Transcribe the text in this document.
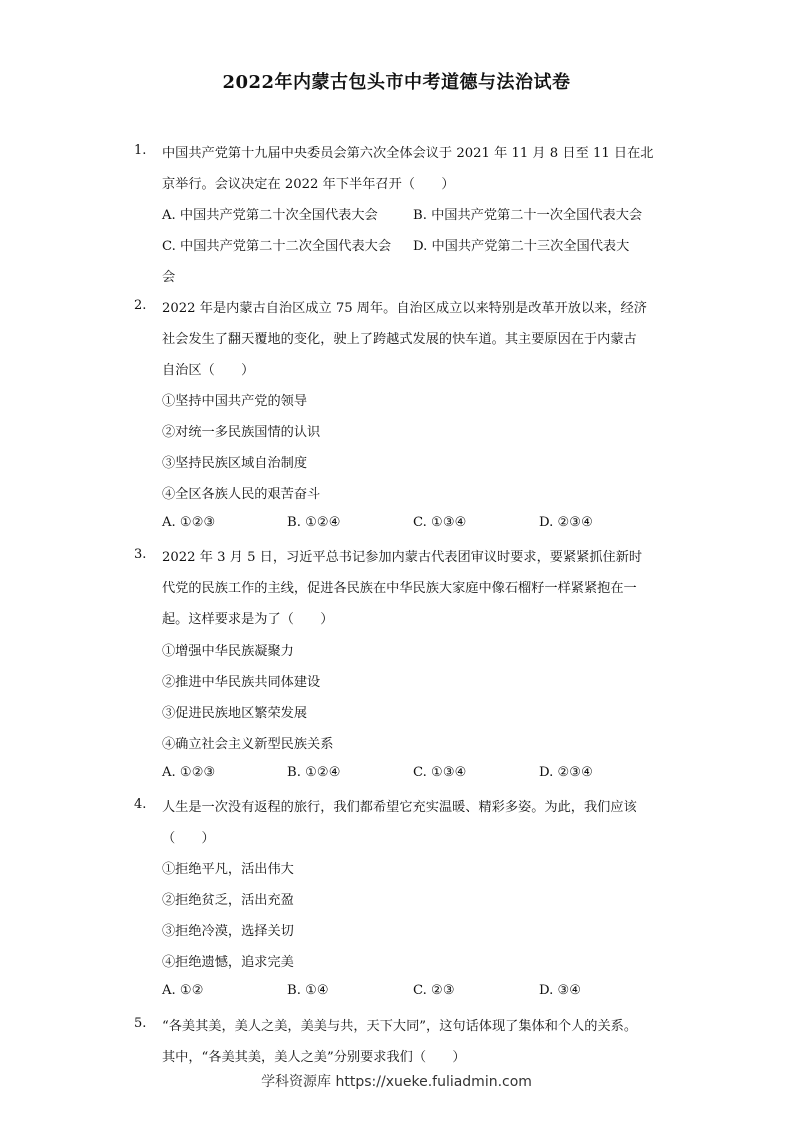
2022年内蒙古包头市中考道德与法治试卷
1. 中国共产党第十九届中央委员会第六次全体会议于 2021 年 11 月 8 日至 11 日在北
京举行。会议决定在 2022 年下半年召开（　　）
A. 中国共产党第二十次全国代表大会	B. 中国共产党第二十一次全国代表大会
C. 中国共产党第二十二次全国代表大会 D. 中国共产党第二十三次全国代表大
会
2. 2022 年是内蒙古自治区成立 75 周年。自治区成立以来特别是改革开放以来，经济
社会发生了翻天覆地的变化，驶上了跨越式发展的快车道。其主要原因在于内蒙古
自治区（　　）
①坚持中国共产党的领导
②对统一多民族国情的认识
③坚持民族区域自治制度
④全区各族人民的艰苦奋斗
A. ①②③	B. ①②④	C. ①③④	D. ②③④
3. 2022 年 3 月 5 日，习近平总书记参加内蒙古代表团审议时要求，要紧紧抓住新时
代党的民族工作的主线，促进各民族在中华民族大家庭中像石榴籽一样紧紧抱在一
起。这样要求是为了（　　）
①增强中华民族凝聚力
②推进中华民族共同体建设
③促进民族地区繁荣发展
④确立社会主义新型民族关系
A. ①②③	B. ①②④	C. ①③④	D. ②③④
4. 人生是一次没有返程的旅行，我们都希望它充实温暖、精彩多姿。为此，我们应该
（　　）
①拒绝平凡，活出伟大
②拒绝贫乏，活出充盈
③拒绝冷漠，选择关切
④拒绝遗憾，追求完美
A. ①②	B. ①④	C. ②③	D. ③④
5. “各美其美，美人之美，美美与共，天下大同”，这句话体现了集体和个人的关系。
其中，“各美其美，美人之美”分别要求我们（　　）
学科资源库 https://xueke.fuliadmin.com
